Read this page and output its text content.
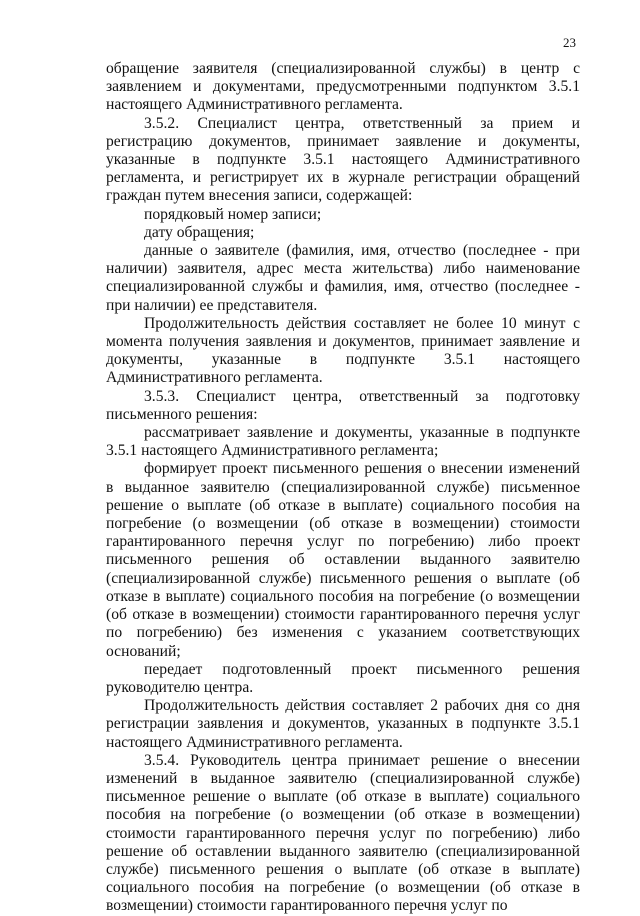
23

обращение заявителя (специализированной службы) в центр с заявлением и документами, предусмотренными подпунктом 3.5.1 настоящего Административного регламента.

3.5.2. Специалист центра, ответственный за прием и регистрацию документов, принимает заявление и документы, указанные в подпункте 3.5.1 настоящего Административного регламента, и регистрирует их в журнале регистрации обращений граждан путем внесения записи, содержащей:

порядковый номер записи;

дату обращения;

данные о заявителе (фамилия, имя, отчество (последнее - при наличии) заявителя, адрес места жительства) либо наименование специализированной службы и фамилия, имя, отчество (последнее - при наличии) ее представителя.

Продолжительность действия составляет не более 10 минут с момента получения заявления и документов, принимает заявление и документы, указанные в подпункте 3.5.1 настоящего Административного регламента.

3.5.3. Специалист центра, ответственный за подготовку письменного решения:

рассматривает заявление и документы, указанные в подпункте 3.5.1 настоящего Административного регламента;

формирует проект письменного решения о внесении изменений в выданное заявителю (специализированной службе) письменное решение о выплате (об отказе в выплате) социального пособия на погребение (о возмещении (об отказе в возмещении) стоимости гарантированного перечня услуг по погребению) либо проект письменного решения об оставлении выданного заявителю (специализированной службе) письменного решения о выплате (об отказе в выплате) социального пособия на погребение (о возмещении (об отказе в возмещении) стоимости гарантированного перечня услуг по погребению) без изменения с указанием соответствующих оснований;

передает подготовленный проект письменного решения руководителю центра.

Продолжительность действия составляет 2 рабочих дня со дня регистрации заявления и документов, указанных в подпункте 3.5.1 настоящего Административного регламента.

3.5.4. Руководитель центра принимает решение о внесении изменений в выданное заявителю (специализированной службе) письменное решение о выплате (об отказе в выплате) социального пособия на погребение (о возмещении (об отказе в возмещении) стоимости гарантированного перечня услуг по погребению) либо решение об оставлении выданного заявителю (специализированной службе) письменного решения о выплате (об отказе в выплате) социального пособия на погребение (о возмещении (об отказе в возмещении) стоимости гарантированного перечня услуг по
